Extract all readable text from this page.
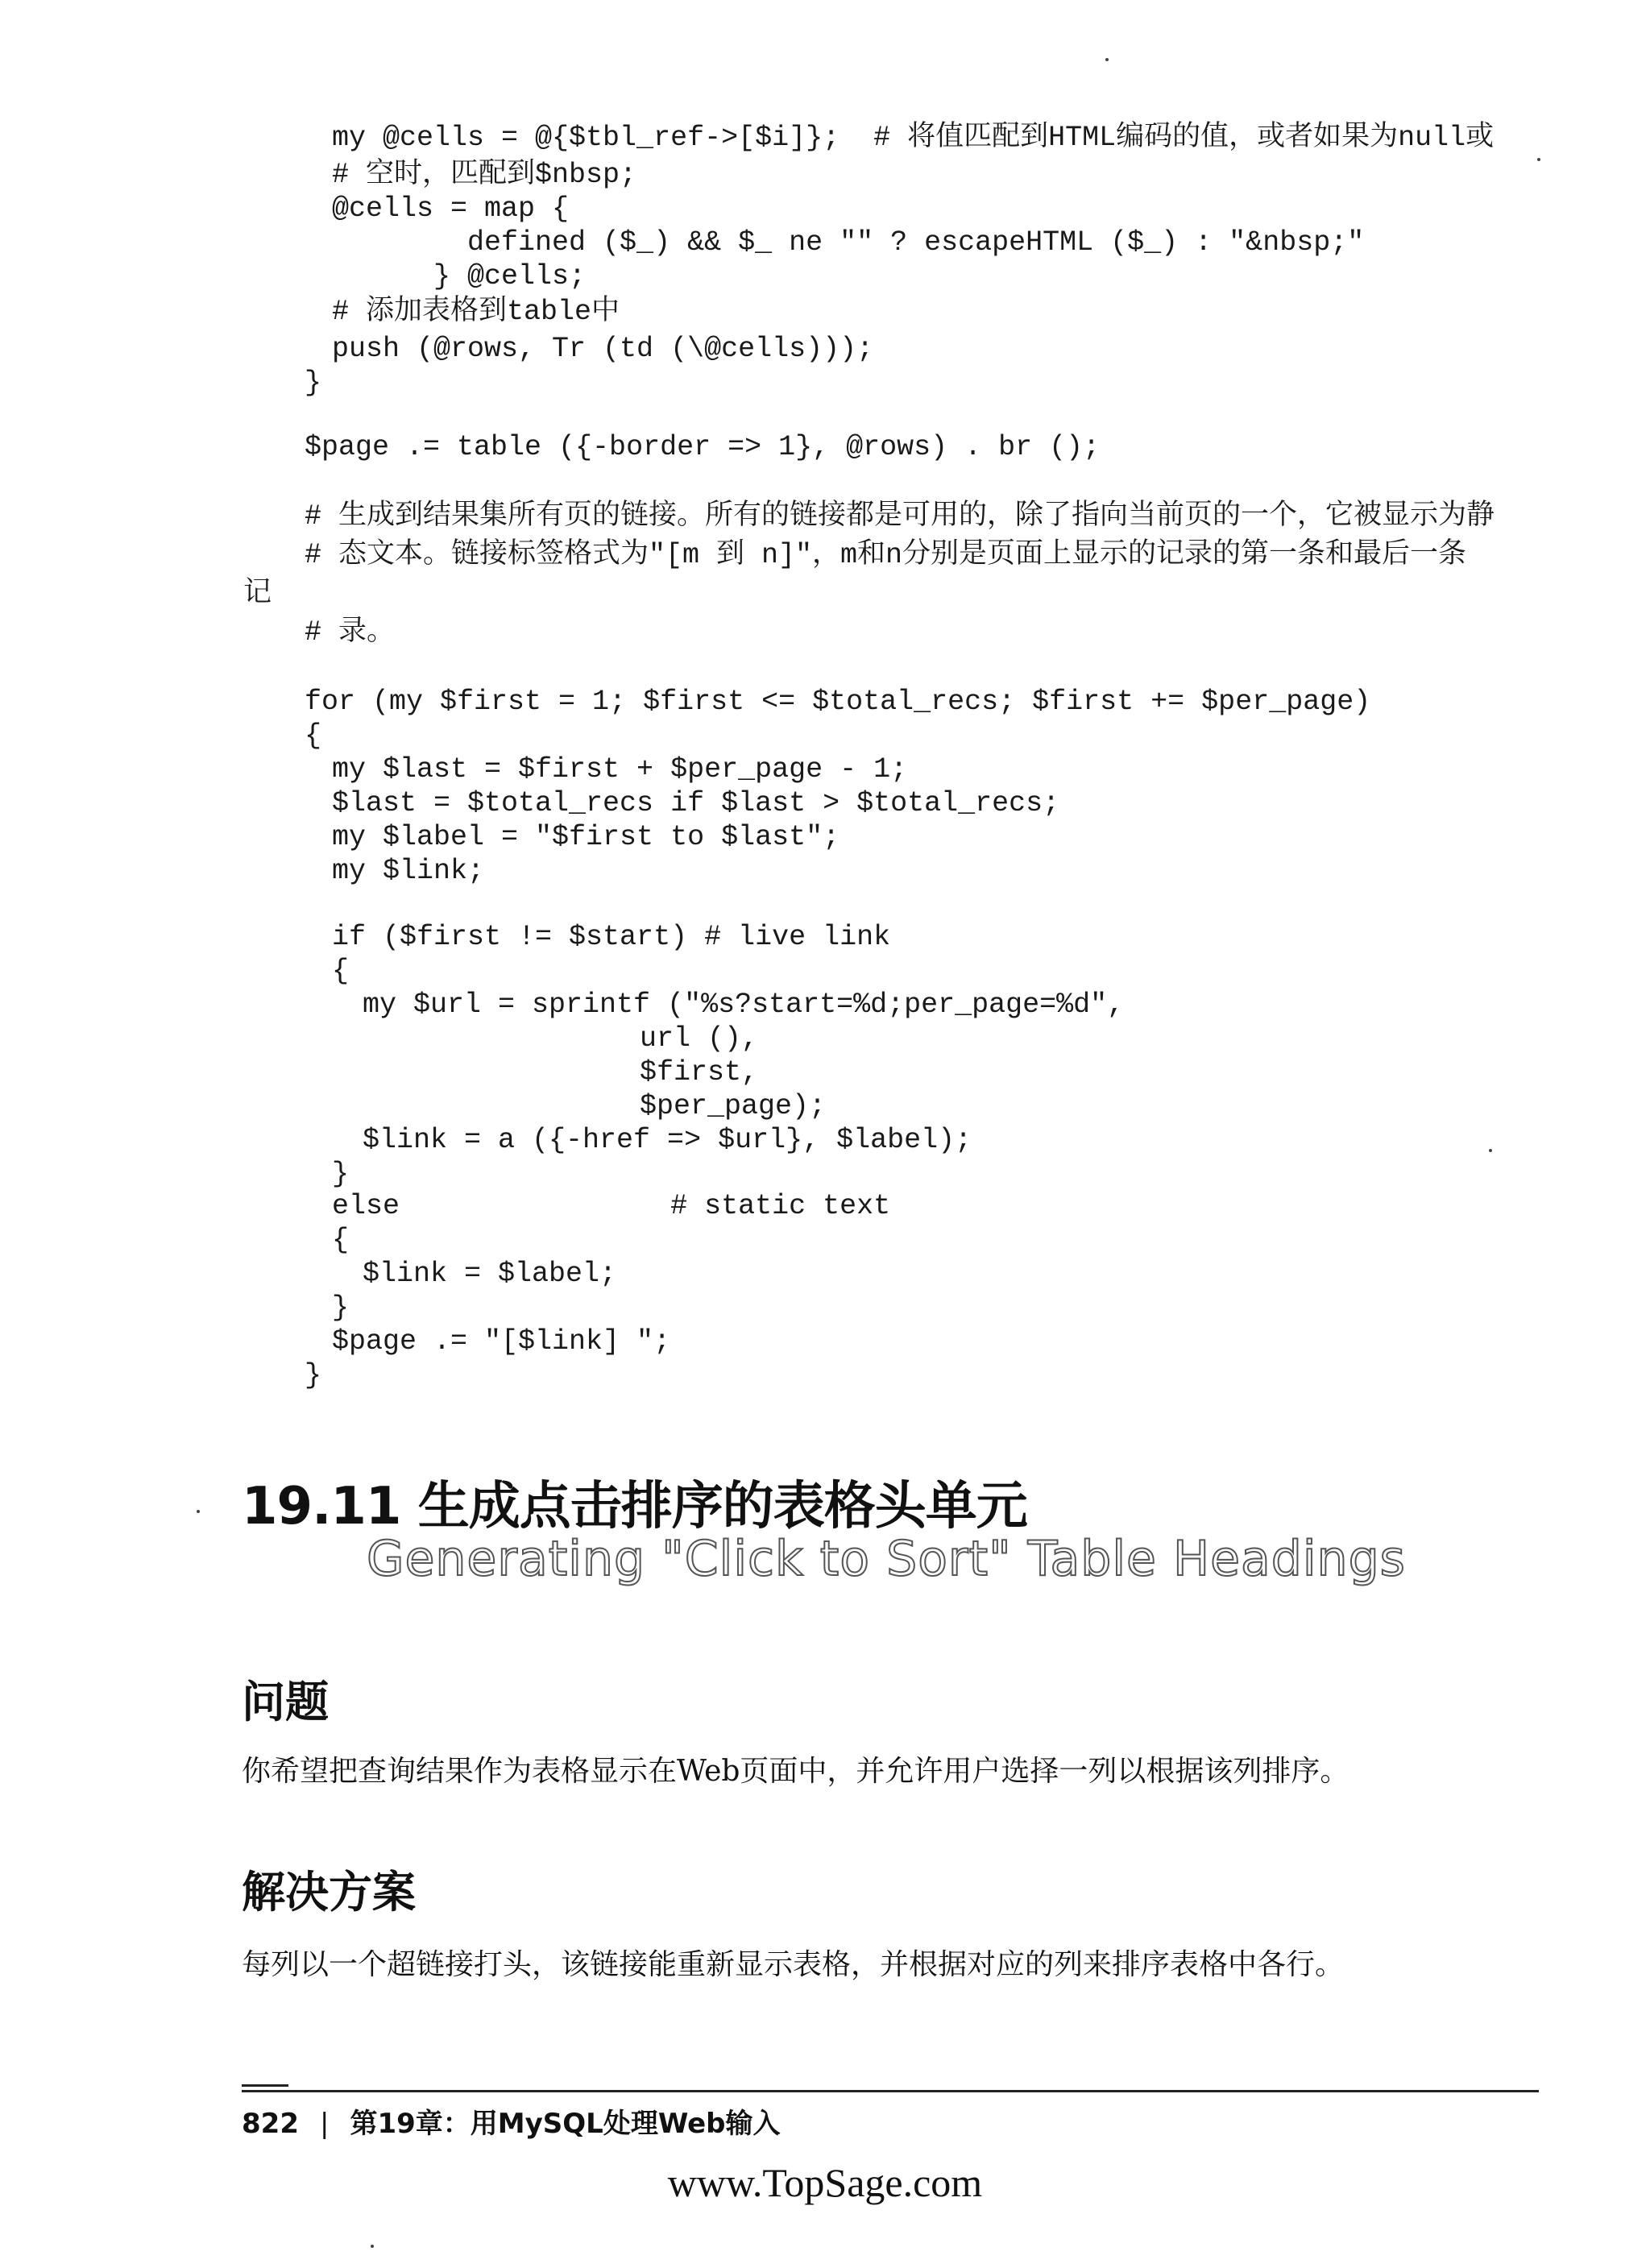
my @cells = @{$tbl_ref->[$i]};  # 将值匹配到HTML编码的值，或者如果为null或
# 空时，匹配到$nbsp;
@cells = map {
defined ($_) && $_ ne "" ? escapeHTML ($_) : "&nbsp;"
} @cells;
# 添加表格到table中
push (@rows, Tr (td (\@cells)));
}
$page .= table ({-border => 1}, @rows) . br ();
# 生成到结果集所有页的链接。所有的链接都是可用的，除了指向当前页的一个，它被显示为静
# 态文本。链接标签格式为"[m 到 n]"，m和n分别是页面上显示的记录的第一条和最后一条
记
# 录。
for (my $first = 1; $first <= $total_recs; $first += $per_page)
{
my $last = $first + $per_page - 1;
$last = $total_recs if $last > $total_recs;
my $label = "$first to $last";
my $link;
if ($first != $start) # live link
{
my $url = sprintf ("%s?start=%d;per_page=%d",
url (),
$first,
$per_page);
$link = a ({-href => $url}, $label);
}
else                # static text
{
$link = $label;
}
$page .= "[$link] ";
}
19.11 生成点击排序的表格头单元
Generating "Click to Sort" Table Headings
问题
你希望把查询结果作为表格显示在Web页面中，并允许用户选择一列以根据该列排序。
解决方案
每列以一个超链接打头，该链接能重新显示表格，并根据对应的列来排序表格中各行。
822 | 第19章：用MySQL处理Web输入
www.TopSage.com
